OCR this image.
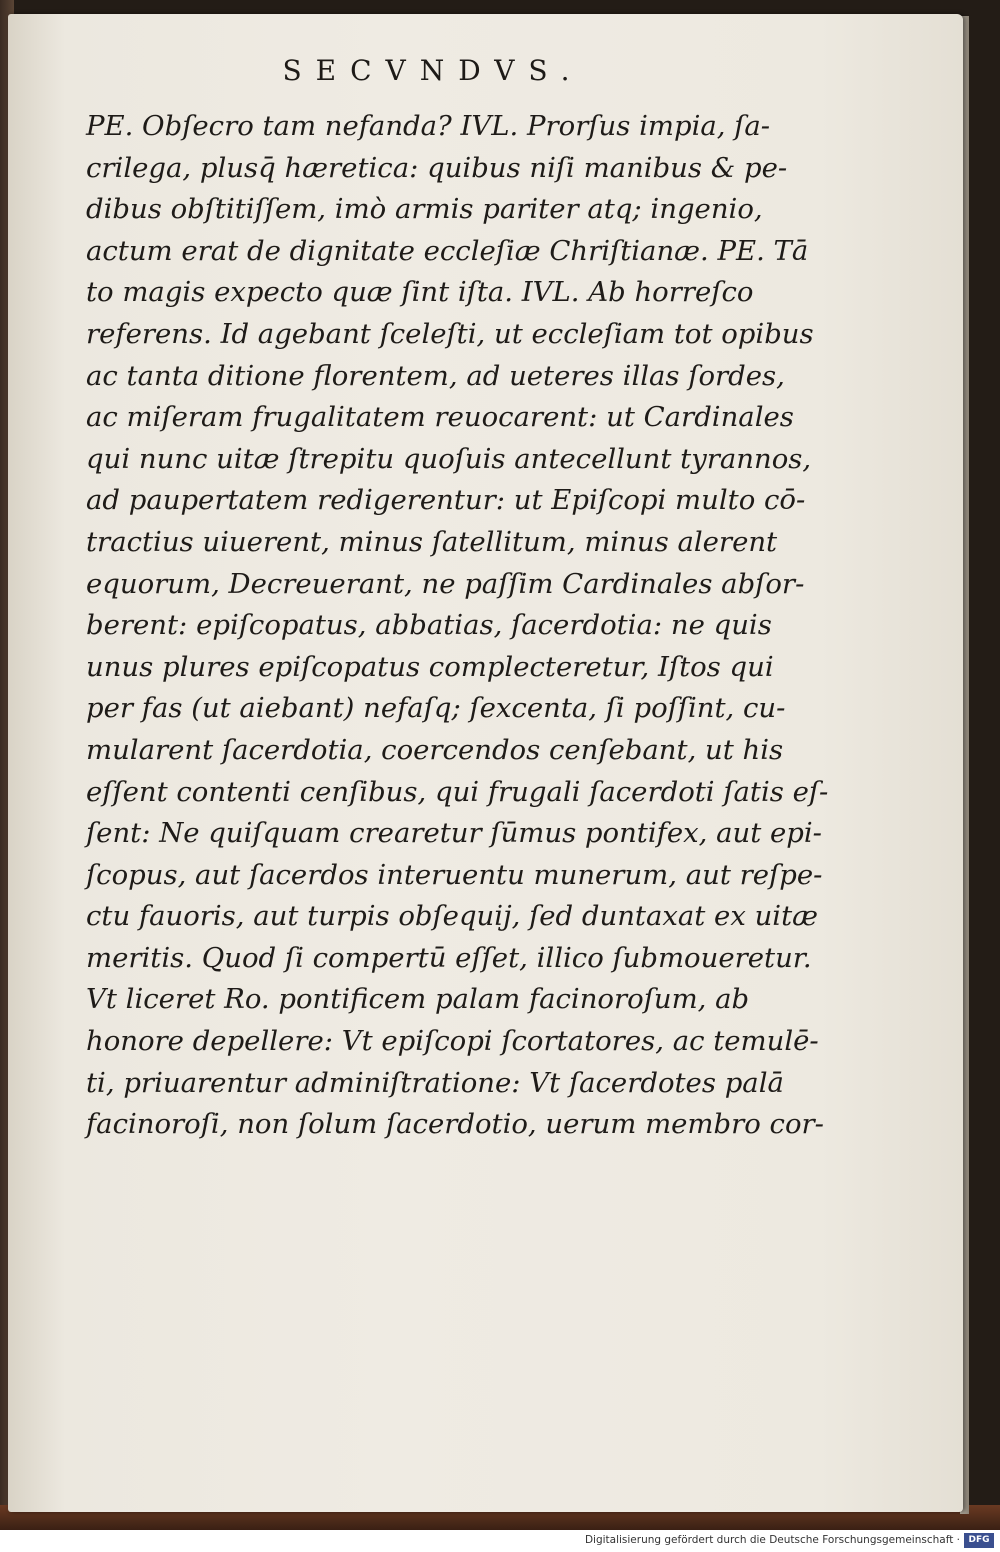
SECVNDVS.
PE. Obſecro tam nefanda? IVL. Prorſus impia, ſa-
crilega, plusq̄ hæretica: quibus niſi manibus & pe-
dibus obſtitiſſem, imò armis pariter atq; ingenio,
actum erat de dignitate eccleſiæ Chriſtianæ. PE. Tā
to magis expecto quæ ſint iſta. IVL. Ab horreſco
referens. Id agebant ſceleſti, ut eccleſiam tot opibus
ac tanta ditione florentem, ad ueteres illas ſordes,
ac miſeram frugalitatem reuocarent: ut Cardinales
qui nunc uitæ ſtrepitu quoſuis antecellunt tyrannos,
ad paupertatem redigerentur: ut Epiſcopi multo cō-
tractius uiuerent, minus ſatellitum, minus alerent
equorum, Decreuerant, ne paſſim Cardinales abſor-
berent: epiſcopatus, abbatias, ſacerdotia: ne quis
unus plures epiſcopatus complecteretur, Iſtos qui
per fas (ut aiebant) nefaſq; ſexcenta, ſi poſſint, cu-
mularent ſacerdotia, coercendos cenſebant, ut his
eſſent contenti cenſibus, qui frugali ſacerdoti ſatis eſ-
ſent: Ne quiſquam crearetur ſūmus pontifex, aut epi-
ſcopus, aut ſacerdos interuentu munerum, aut reſpe-
ctu fauoris, aut turpis obſequij, ſed duntaxat ex uitæ
meritis. Quod ſi compertū eſſet, illico ſubmoueretur.
Vt liceret Ro. pontificem palam facinoroſum, ab
honore depellere: Vt epiſcopi ſcortatores, ac temulē-
ti, priuarentur adminiſtratione: Vt ſacerdotes palā
facinoroſi, non ſolum ſacerdotio, uerum membro cor-
Digitalisierung gefördert durch die Deutsche Forschungsgemeinschaft · DFG
